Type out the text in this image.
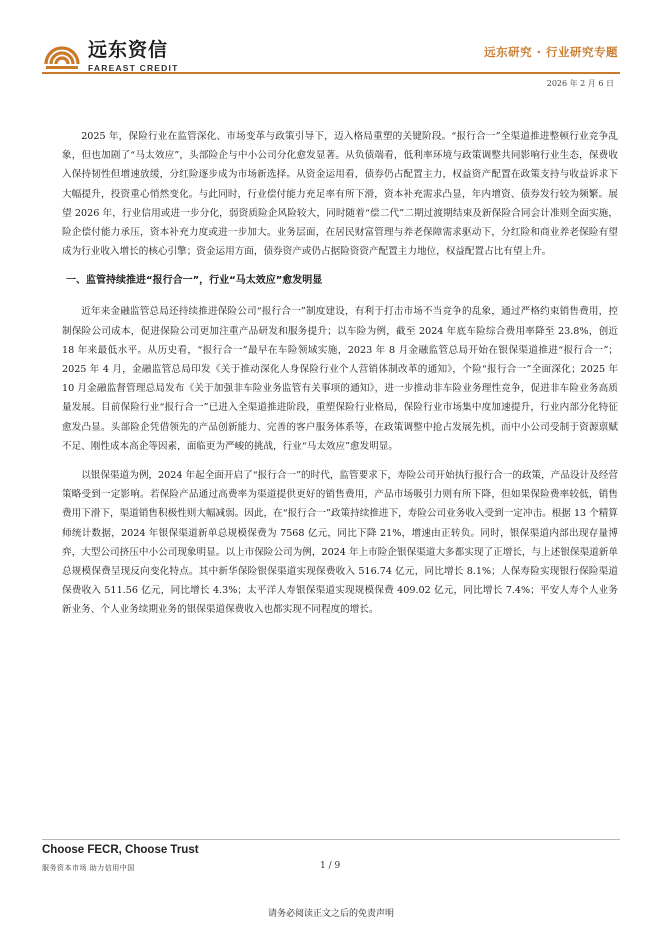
远东资信
FAREAST CREDIT
远东研究 · 行业研究专题
2026 年 2 月 6 日

2025 年，保险行业在监管深化、市场变革与政策引导下，迈入格局重塑的关键阶段。“报行合一”全渠道推进整顿行业竞争乱象，但也加剧了“马太效应”，头部险企与中小公司分化愈发显著。从负债端看，低利率环境与政策调整共同影响行业生态，保费收入保持韧性但增速放缓，分红险逐步成为市场新选择。从资金运用看，债券仍占配置主力，权益资产配置在政策支持与收益诉求下大幅提升，投资重心悄然变化。与此同时，行业偿付能力充足率有所下滑，资本补充需求凸显，年内增资、债券发行较为频繁。展望 2026 年，行业信用或进一步分化，弱资质险企风险较大，同时随着“偿二代”二期过渡期结束及新保险合同会计准则全面实施，险企偿付能力承压，资本补充力度或进一步加大。业务层面，在居民财富管理与养老保障需求驱动下，分红险和商业养老保险有望成为行业收入增长的核心引擎；资金运用方面，债券资产或仍占据险资资产配置主力地位，权益配置占比有望上升。

一、监管持续推进“报行合一”，行业“马太效应”愈发明显

近年来金融监管总局还持续推进保险公司“报行合一”制度建设，有利于打击市场不当竞争的乱象，通过严格约束销售费用，控制保险公司成本，促进保险公司更加注重产品研发和服务提升；以车险为例，截至 2024 年底车险综合费用率降至 23.8%，创近 18 年来最低水平。从历史看，“报行合一”最早在车险领域实施，2023 年 8 月金融监管总局开始在银保渠道推进“报行合一”；2025 年 4 月，金融监管总局印发《关于推动深化人身保险行业个人营销体制改革的通知》，个险“报行合一”全面深化；2025 年 10 月金融监督管理总局发布《关于加强非车险业务监管有关事项的通知》，进一步推动非车险业务理性竞争，促进非车险业务高质量发展。目前保险行业“报行合一”已进入全渠道推进阶段，重塑保险行业格局，保险行业市场集中度加速提升，行业内部分化特征愈发凸显。头部险企凭借领先的产品创新能力、完善的客户服务体系等，在政策调整中抢占发展先机，而中小公司受制于资源禀赋不足、刚性成本高企等因素，面临更为严峻的挑战，行业“马太效应”愈发明显。

以银保渠道为例，2024 年起全面开启了“报行合一”的时代，监管要求下，寿险公司开始执行报行合一的政策，产品设计及经营策略受到一定影响。若保险产品通过高费率为渠道提供更好的销售费用，产品市场吸引力则有所下降，但如果保险费率较低，销售费用下滑下，渠道销售积极性则大幅减弱。因此，在“报行合一”政策持续推进下，寿险公司业务收入受到一定冲击。根据 13 个精算师统计数据，2024 年银保渠道新单总规模保费为 7568 亿元，同比下降 21%，增速由正转负。同时，银保渠道内部出现存量博弈，大型公司挤压中小公司现象明显。以上市保险公司为例，2024 年上市险企银保渠道大多都实现了正增长，与上述银保渠道新单总规模保费呈现反向变化特点。其中新华保险银保渠道实现保费收入 516.74 亿元，同比增长 8.1%；人保寿险实现银行保险渠道保费收入 511.56 亿元，同比增长 4.3%；太平洋人寿银保渠道实现规模保费 409.02 亿元，同比增长 7.4%；平安人寿个人业务新业务、个人业务续期业务的银保渠道保费收入也都实现不同程度的增长。

Choose FECR, Choose Trust
服务资本市场 助力信用中国	1 / 9
请务必阅读正文之后的免责声明
